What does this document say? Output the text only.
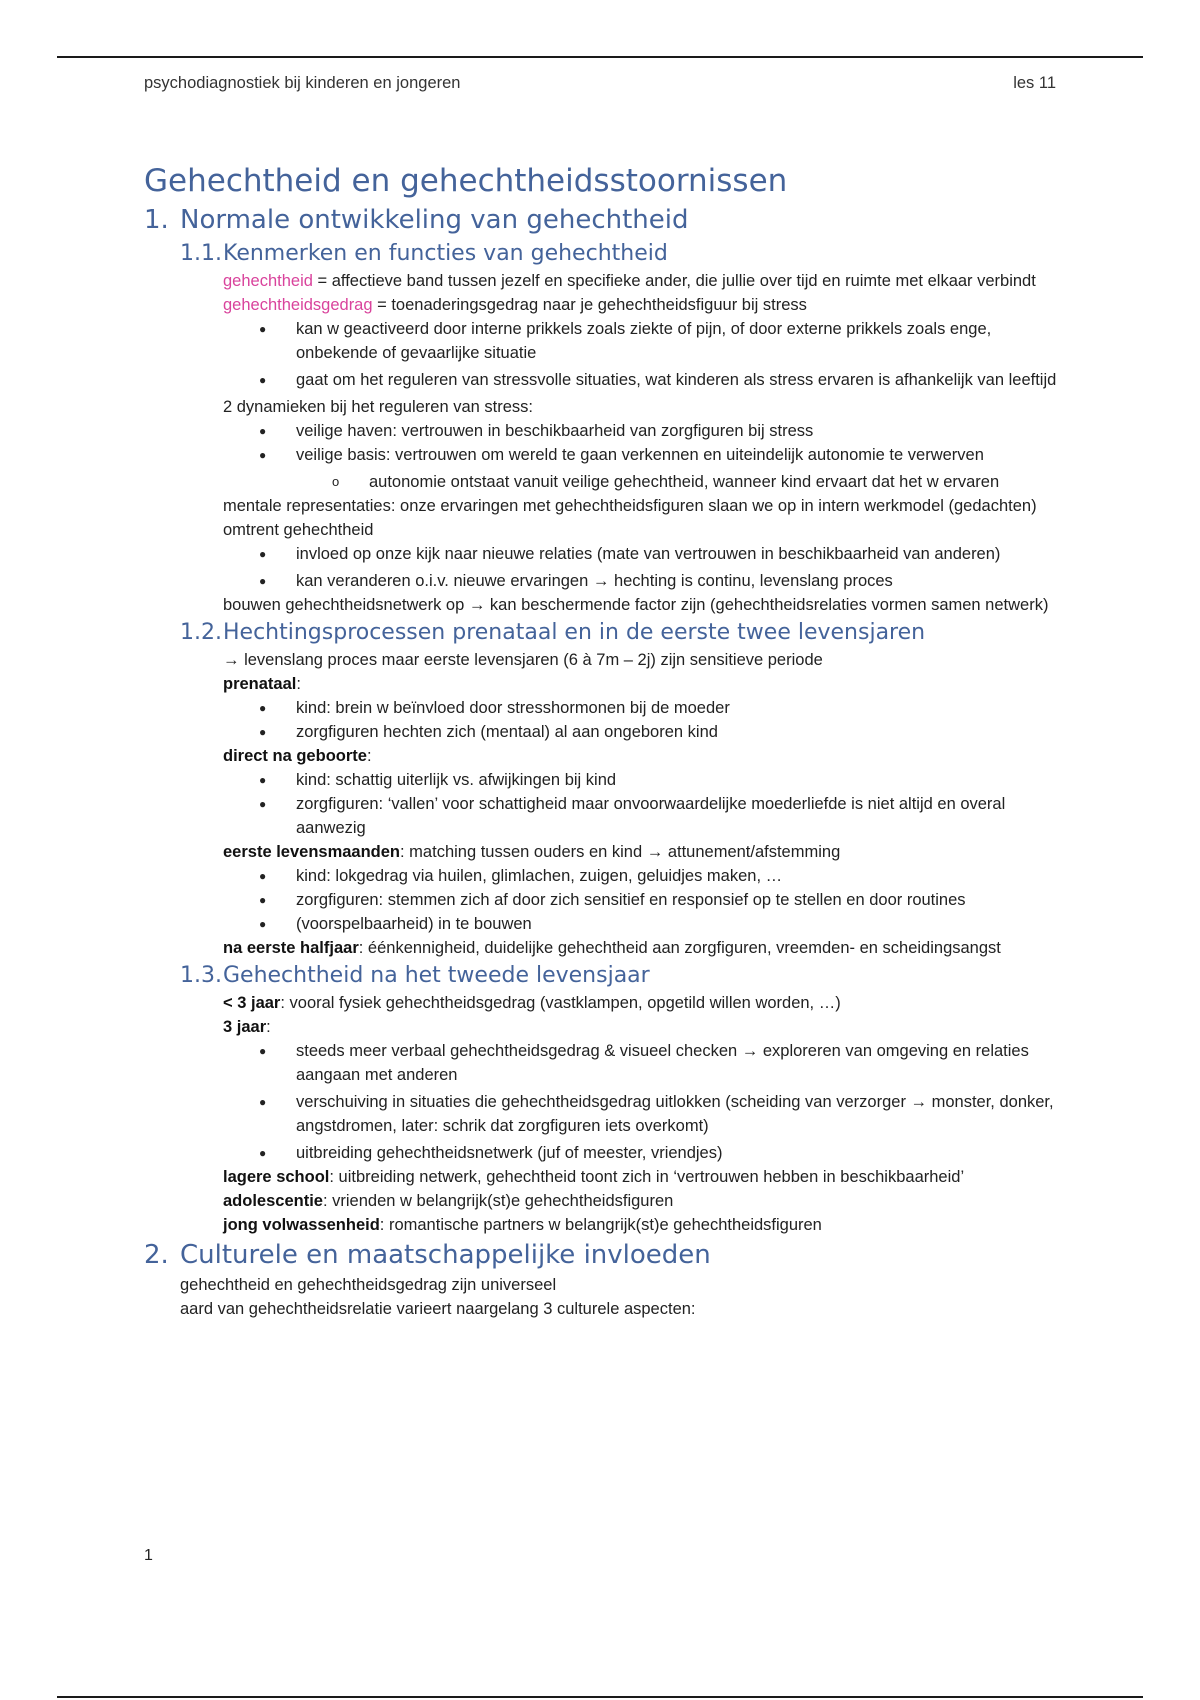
psychodiagnostiek bij kinderen en jongeren	les 11
Gehechtheid en gehechtheidsstoornissen
1. Normale ontwikkeling van gehechtheid
1.1. Kenmerken en functies van gehechtheid

gehechtheid = affectieve band tussen jezelf en specifieke ander, die jullie over tijd en ruimte met elkaar verbindt

gehechtheidsgedrag = toenaderingsgedrag naar je gehechtheidsfiguur bij stress

● kan w geactiveerd door interne prikkels zoals ziekte of pijn, of door externe prikkels zoals enge, onbekende of gevaarlijke situatie
● gaat om het reguleren van stressvolle situaties, wat kinderen als stress ervaren is afhankelijk van leeftijd

2 dynamieken bij het reguleren van stress:

● veilige haven: vertrouwen in beschikbaarheid van zorgfiguren bij stress
● veilige basis: vertrouwen om wereld te gaan verkennen en uiteindelijk autonomie te verwerven
o autonomie ontstaat vanuit veilige gehechtheid, wanneer kind ervaart dat het w ervaren

mentale representaties: onze ervaringen met gehechtheidsfiguren slaan we op in intern werkmodel (gedachten) omtrent gehechtheid

● invloed op onze kijk naar nieuwe relaties (mate van vertrouwen in beschikbaarheid van anderen)
● kan veranderen o.i.v. nieuwe ervaringen → hechting is continu, levenslang proces

bouwen gehechtheidsnetwerk op → kan beschermende factor zijn (gehechtheidsrelaties vormen samen netwerk)

1.2. Hechtingsprocessen prenataal en in de eerste twee levensjaren

→ levenslang proces maar eerste levensjaren (6 à 7m – 2j) zijn sensitieve periode

prenataal:

● kind: brein w beïnvloed door stresshormonen bij de moeder
● zorgfiguren hechten zich (mentaal) al aan ongeboren kind

direct na geboorte:

● kind: schattig uiterlijk vs. afwijkingen bij kind
● zorgfiguren: ‘vallen’ voor schattigheid maar onvoorwaardelijke moederliefde is niet altijd en overal aanwezig

eerste levensmaanden: matching tussen ouders en kind → attunement/afstemming

● kind: lokgedrag via huilen, glimlachen, zuigen, geluidjes maken, …
● zorgfiguren: stemmen zich af door zich sensitief en responsief op te stellen en door routines
● (voorspelbaarheid) in te bouwen

na eerste halfjaar: éénkennigheid, duidelijke gehechtheid aan zorgfiguren, vreemden- en scheidingsangst

1.3. Gehechtheid na het tweede levensjaar

< 3 jaar: vooral fysiek gehechtheidsgedrag (vastklampen, opgetild willen worden, …)

3 jaar:

● steeds meer verbaal gehechtheidsgedrag & visueel checken → exploreren van omgeving en relaties aangaan met anderen
● verschuiving in situaties die gehechtheidsgedrag uitlokken (scheiding van verzorger → monster, donker, angstdromen, later: schrik dat zorgfiguren iets overkomt)
● uitbreiding gehechtheidsnetwerk (juf of meester, vriendjes)

lagere school: uitbreiding netwerk, gehechtheid toont zich in ‘vertrouwen hebben in beschikbaarheid’

adolescentie: vrienden w belangrijk(st)e gehechtheidsfiguren

jong volwassenheid: romantische partners w belangrijk(st)e gehechtheidsfiguren

2. Culturele en maatschappelijke invloeden

gehechtheid en gehechtheidsgedrag zijn universeel

aard van gehechtheidsrelatie varieert naargelang 3 culturele aspecten:

1
